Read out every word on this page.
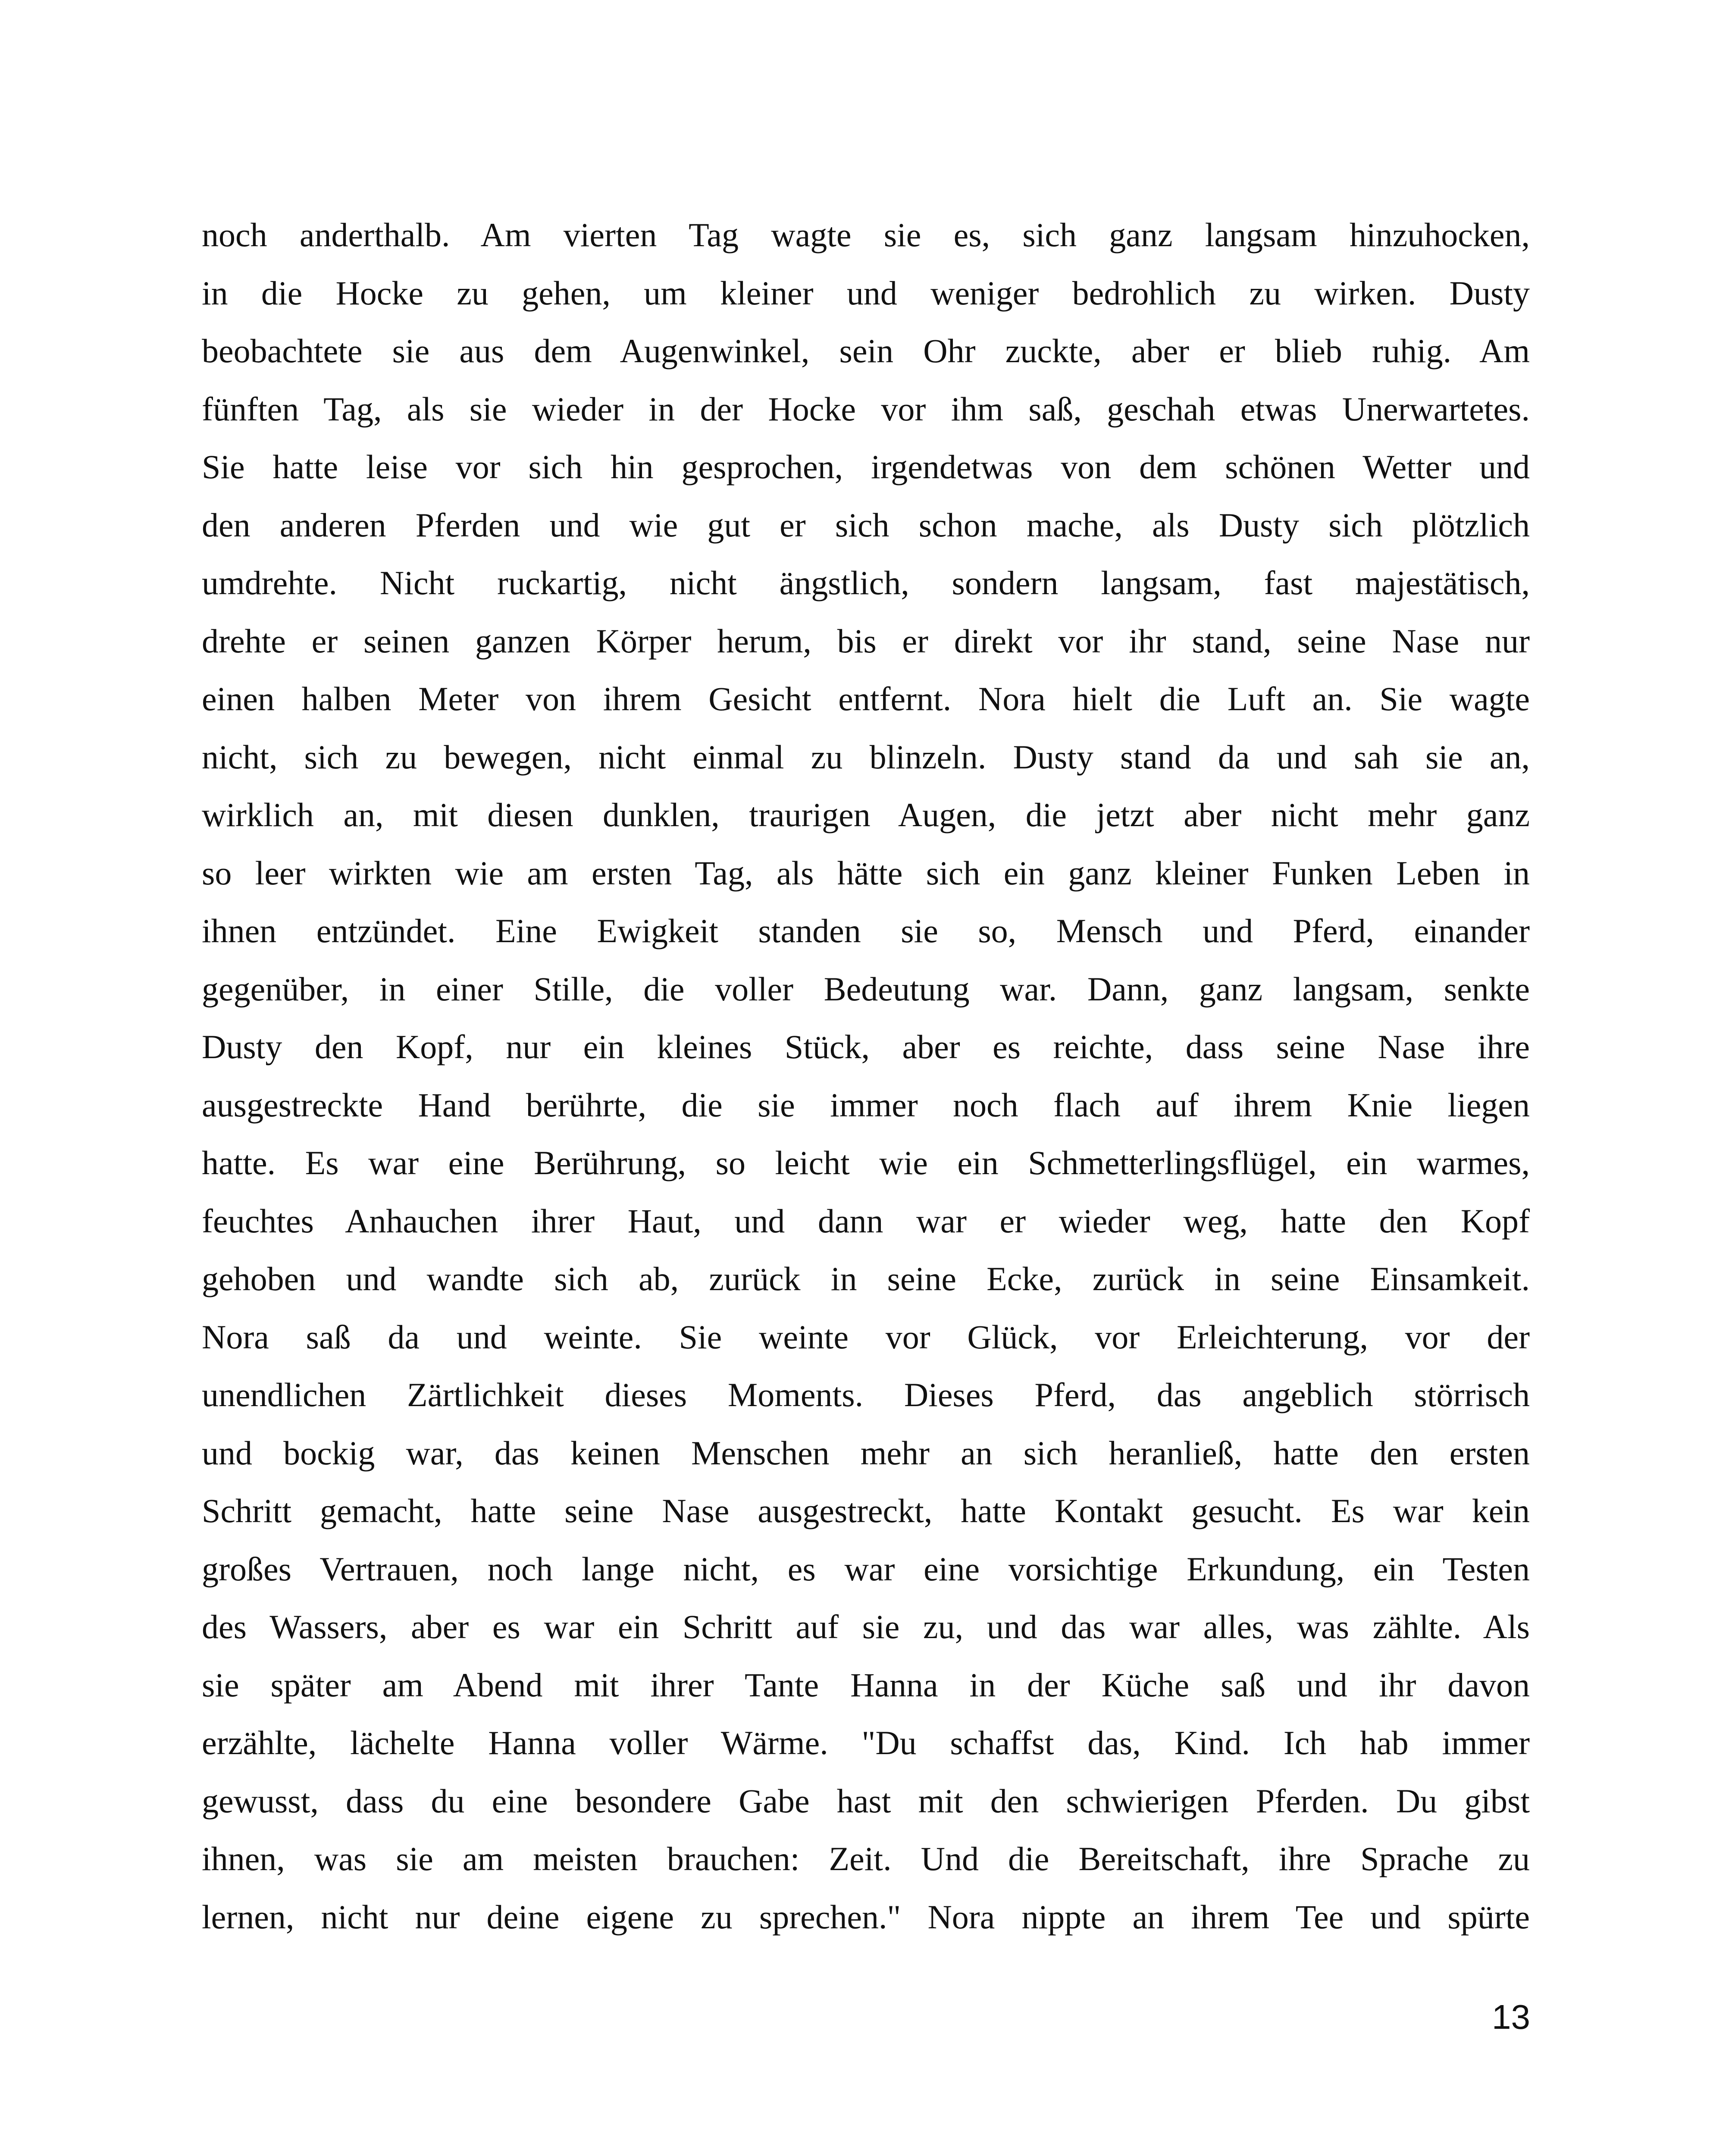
noch anderthalb. Am vierten Tag wagte sie es, sich ganz langsam hinzuhocken,
in die Hocke zu gehen, um kleiner und weniger bedrohlich zu wirken. Dusty
beobachtete sie aus dem Augenwinkel, sein Ohr zuckte, aber er blieb ruhig. Am
fünften Tag, als sie wieder in der Hocke vor ihm saß, geschah etwas Unerwartetes.
Sie hatte leise vor sich hin gesprochen, irgendetwas von dem schönen Wetter und
den anderen Pferden und wie gut er sich schon mache, als Dusty sich plötzlich
umdrehte. Nicht ruckartig, nicht ängstlich, sondern langsam, fast majestätisch,
drehte er seinen ganzen Körper herum, bis er direkt vor ihr stand, seine Nase nur
einen halben Meter von ihrem Gesicht entfernt. Nora hielt die Luft an. Sie wagte
nicht, sich zu bewegen, nicht einmal zu blinzeln. Dusty stand da und sah sie an,
wirklich an, mit diesen dunklen, traurigen Augen, die jetzt aber nicht mehr ganz
so leer wirkten wie am ersten Tag, als hätte sich ein ganz kleiner Funken Leben in
ihnen entzündet. Eine Ewigkeit standen sie so, Mensch und Pferd, einander
gegenüber, in einer Stille, die voller Bedeutung war. Dann, ganz langsam, senkte
Dusty den Kopf, nur ein kleines Stück, aber es reichte, dass seine Nase ihre
ausgestreckte Hand berührte, die sie immer noch flach auf ihrem Knie liegen
hatte. Es war eine Berührung, so leicht wie ein Schmetterlingsflügel, ein warmes,
feuchtes Anhauchen ihrer Haut, und dann war er wieder weg, hatte den Kopf
gehoben und wandte sich ab, zurück in seine Ecke, zurück in seine Einsamkeit.
Nora saß da und weinte. Sie weinte vor Glück, vor Erleichterung, vor der
unendlichen Zärtlichkeit dieses Moments. Dieses Pferd, das angeblich störrisch
und bockig war, das keinen Menschen mehr an sich heranließ, hatte den ersten
Schritt gemacht, hatte seine Nase ausgestreckt, hatte Kontakt gesucht. Es war kein
großes Vertrauen, noch lange nicht, es war eine vorsichtige Erkundung, ein Testen
des Wassers, aber es war ein Schritt auf sie zu, und das war alles, was zählte. Als
sie später am Abend mit ihrer Tante Hanna in der Küche saß und ihr davon
erzählte, lächelte Hanna voller Wärme. "Du schaffst das, Kind. Ich hab immer
gewusst, dass du eine besondere Gabe hast mit den schwierigen Pferden. Du gibst
ihnen, was sie am meisten brauchen: Zeit. Und die Bereitschaft, ihre Sprache zu
lernen, nicht nur deine eigene zu sprechen." Nora nippte an ihrem Tee und spürte
13
